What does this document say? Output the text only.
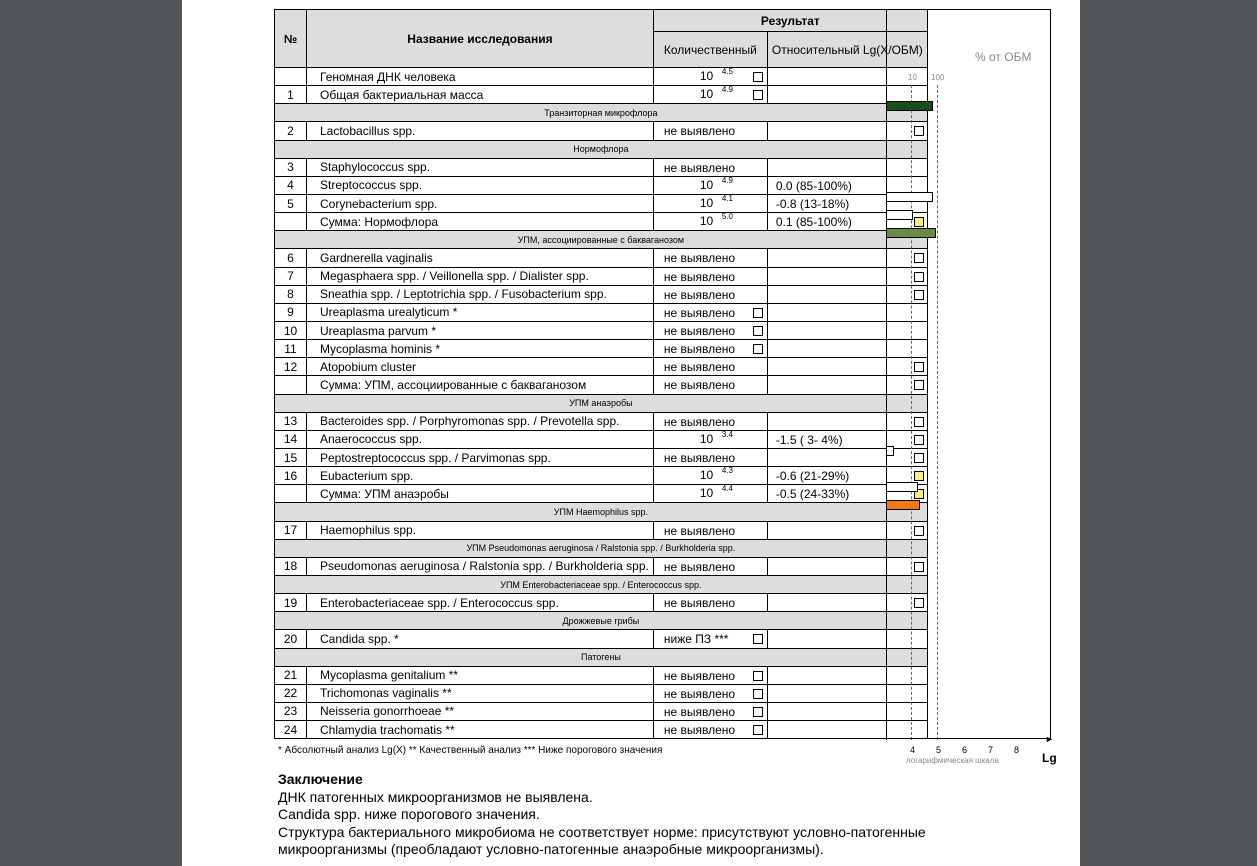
№	Название исследования	Результат	
		Количественный	Относительный Lg(X/ОБМ)
	Геномная ДНК человека	10 4.5	

1	Общая бактериальная масса	10 4.9	

Транзиторная микрофлора			
2	Lactobacillus spp.	не выявлено	

Нормофлора			
3	Staphylococcus spp.	не выявлено	

4	Streptococcus spp.	10 4.9	0.0 (85-100%)

5	Corynebacterium spp.	10 4.1	-0.8 (13-18%)

	Сумма: Нормофлора	10 5.0	0.1 (85-100%)

УПМ, ассоциированные с бакваганозом			
6	Gardnerella vaginalis	не выявлено	

7	Megasphaera spp. / Veillonella spp. / Dialister spp.	не выявлено	

8	Sneathia spp. / Leptotrichia spp. / Fusobacterium spp.	не выявлено	

9	Ureaplasma urealyticum *	не выявлено	

10	Ureaplasma parvum *	не выявлено	

11	Mycoplasma hominis *	не выявлено	

12	Atopobium cluster	не выявлено	

	Сумма: УПМ, ассоциированные с бакваганозом	не выявлено	

УПМ анаэробы			
13	Bacteroides spp. / Porphyromonas spp. / Prevotella spp.	не выявлено	

14	Anaerococcus spp.	10 3.4	-1.5 ( 3- 4%)

15	Peptostreptococcus spp. / Parvimonas spp.	не выявлено	

16	Eubacterium spp.	10 4.3	-0.6 (21-29%)

	Сумма: УПМ анаэробы	10 4.4	-0.5 (24-33%)

УПМ Haemophilus spp.			
17	Haemophilus spp.	не выявлено	

УПМ Pseudomonas aeruginosa / Ralstonia spp. / Burkholderia spp.			
18	Pseudomonas aeruginosa / Ralstonia spp. / Burkholderia spp.	не выявлено	

УПМ Enterobacteriaceae spp. / Enterococcus spp.			
19	Enterobacteriaceae spp. / Enterococcus spp.	не выявлено	

Дрожжевые грибы			
20	Candida spp. *	ниже ПЗ ***	

Патогены			
21	Mycoplasma genitalium **	не выявлено	

22	Trichomonas vaginalis **	не выявлено	

23	Neisseria gonorrhoeae **	не выявлено	

24	Chlamydia trachomatis **	не выявлено	

% от ОБМ
10 100
►
4 5 6 7 8
логарифмическая шкала	Lg
* Абсолютный анализ Lg(X) ** Качественный анализ *** Ниже порогового значения
Заключение
ДНК патогенных микроорганизмов не выявлена.
Candida spp. ниже порогового значения.
Структура бактериального микробиома не соответствует норме: присутствуют условно-патогенные
микроорганизмы (преобладают условно-патогенные анаэробные микроорганизмы).
